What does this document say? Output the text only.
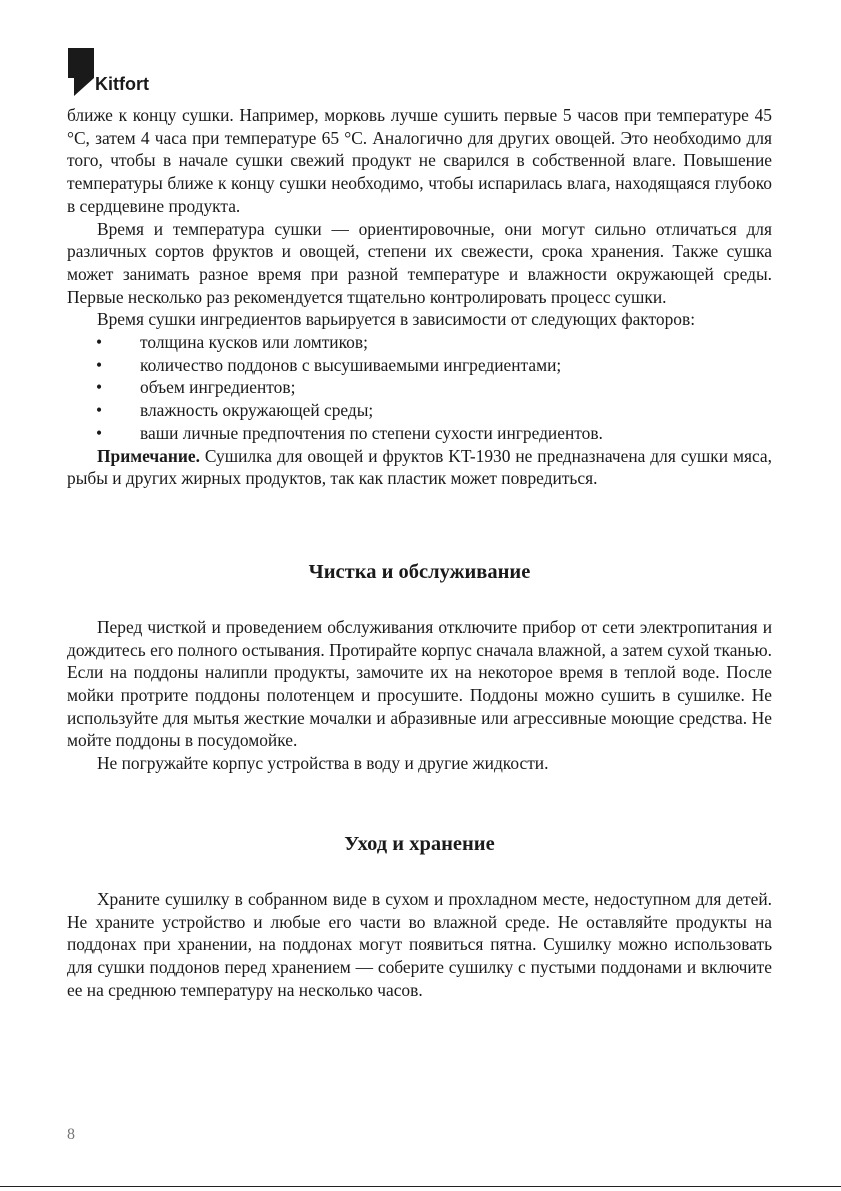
Kitfort

ближе к концу сушки. Например, морковь лучше сушить первые 5 часов при температуре 45 °C, затем 4 часа при температуре 65 °C. Аналогично для других овощей. Это необходимо для того, чтобы в начале сушки свежий продукт не сварился в собственной влаге. Повышение температуры ближе к концу сушки необходимо, чтобы испарилась влага, находящаяся глубоко в сердцевине продукта.

Время и температура сушки — ориентировочные, они могут сильно отличаться для различных сортов фруктов и овощей, степени их свежести, срока хранения. Также сушка может занимать разное время при разной температуре и влажности окружающей среды. Первые несколько раз рекомендуется тщательно контролировать процесс сушки.

Время сушки ингредиентов варьируется в зависимости от следующих факторов:

• толщина кусков или ломтиков;
• количество поддонов с высушиваемыми ингредиентами;
• объем ингредиентов;
• влажность окружающей среды;
• ваши личные предпочтения по степени сухости ингредиентов.

Примечание. Сушилка для овощей и фруктов KT-1930 не предназначена для сушки мяса, рыбы и других жирных продуктов, так как пластик может повредиться.

Чистка и обслуживание

Перед чисткой и проведением обслуживания отключите прибор от сети электропитания и дождитесь его полного остывания. Протирайте корпус сначала влажной, а затем сухой тканью. Если на поддоны налипли продукты, замочите их на некоторое время в теплой воде. После мойки протрите поддоны полотенцем и просушите. Поддоны можно сушить в сушилке. Не используйте для мытья жесткие мочалки и абразивные или агрессивные моющие средства. Не мойте поддоны в посудомойке.

Не погружайте корпус устройства в воду и другие жидкости.

Уход и хранение

Храните сушилку в собранном виде в сухом и прохладном месте, недоступном для детей. Не храните устройство и любые его части во влажной среде. Не оставляйте продукты на поддонах при хранении, на поддонах могут появиться пятна. Сушилку можно использовать для сушки поддонов перед хранением — соберите сушилку с пустыми поддонами и включите ее на среднюю температуру на несколько часов.

8
